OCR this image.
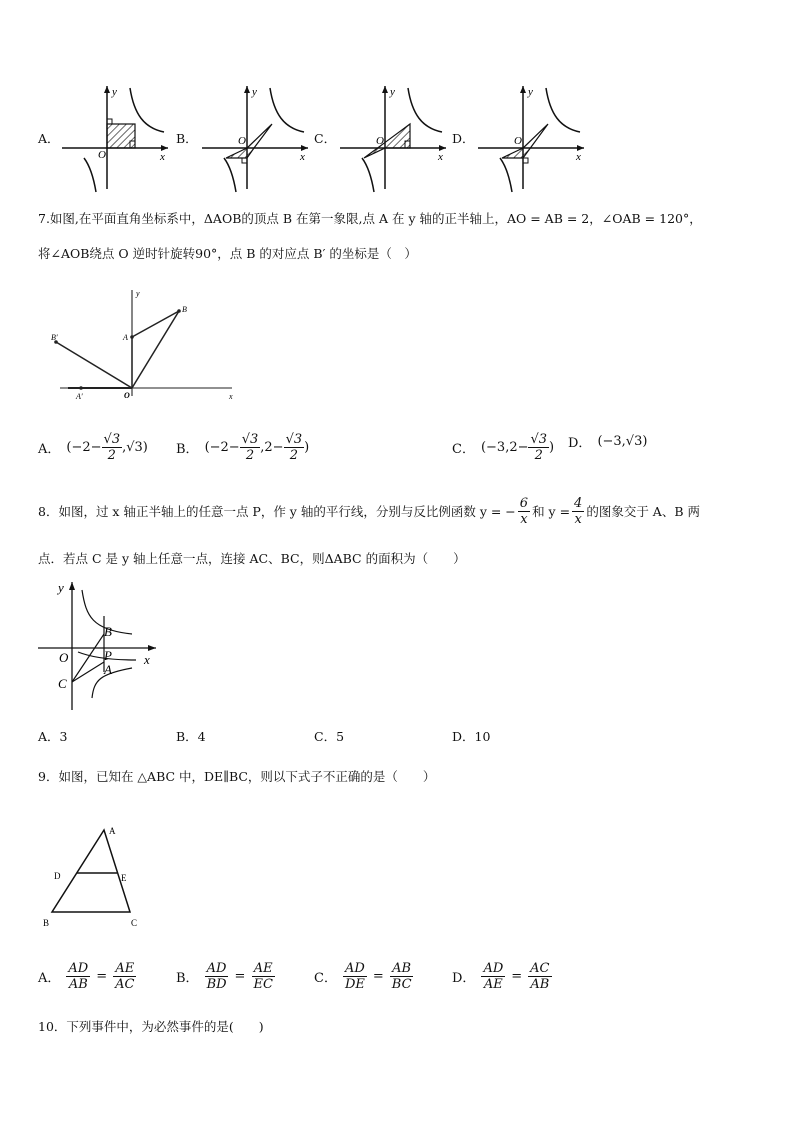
A．
O	x
y
B．	O
x
y
C．	O
x
y
D．	O
x
y
7.如图,在平面直角坐标系中，ΔAOB的顶点 B 在第一象限,点 A 在 y 轴的正半轴上，AO = AB = 2，∠OAB = 120°，
将∠AOB绕点 O 逆时针旋转90°，点 B 的对应点 B′ 的坐标是（　）
y
x
B
A
O
B′
A′
A． $(-2- \frac{√3}{2} ,√3)$ B． ($-2- \frac{√3}{2} ,2- \frac{√3}{2}$ )	C． ($-3,2- \frac{√3}{2}$ ) D． (−3,√3)
8．如图，过 x 轴正半轴上的任意一点 P，作 y 轴的平行线，分别与反比例函数 y = − $\frac{6}{x}$ 和 $y = \frac{4}{x}$ 的图象交于 A、B 两
点．若点 C 是 y 轴上任意一点，连接 AC、BC，则ΔABC 的面积为（　　）
y
x
O
B
P
A
C
A．3	B．4	C．5	D．10
9．如图，已知在 △ABC 中，DE∥BC，则以下式子不正确的是（　　）
A
D	E
B	C
A． $\frac{AD}{AB} = \frac{AE}{AC}$	B． $\frac{AD}{BD} = \frac{AE}{EC}$	C． $\frac{AD}{DE} = \frac{AB}{BC}$	D． $\frac{AD}{AE} = \frac{AC}{AB}$
10．下列事件中，为必然事件的是(　　)
